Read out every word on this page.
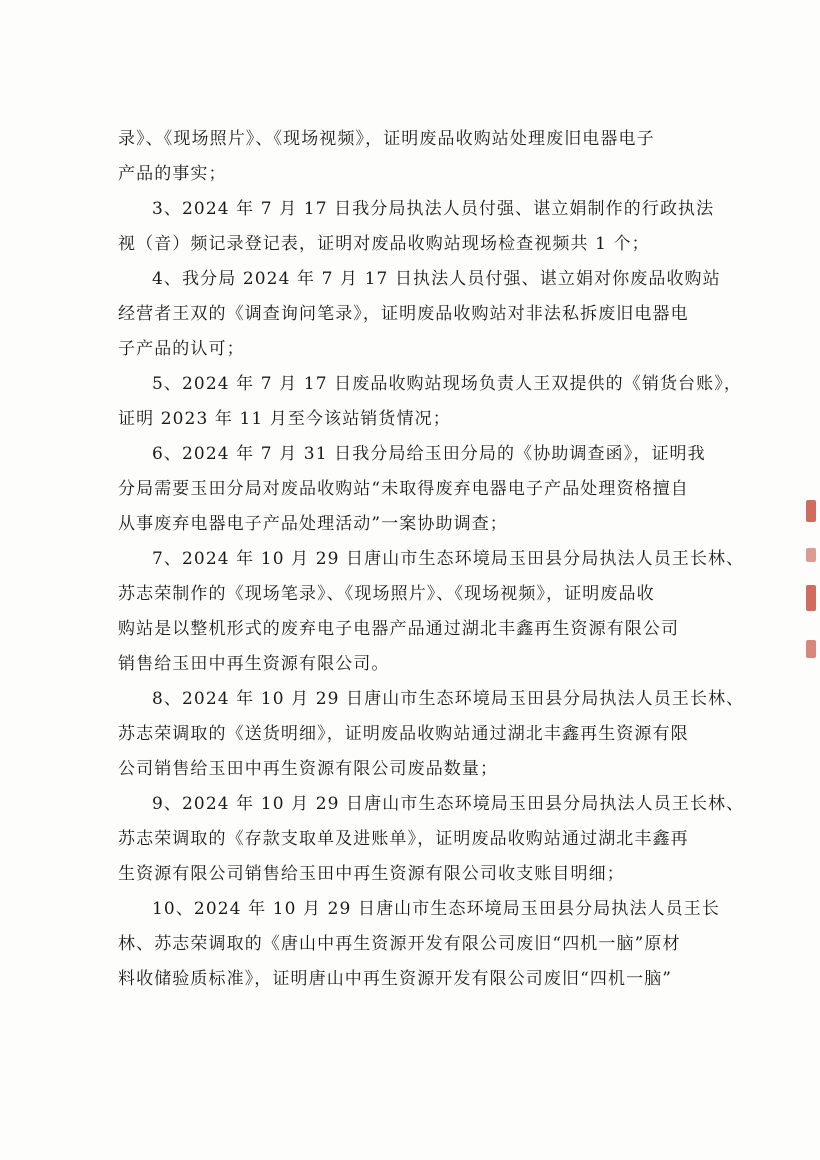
录》、《现场照片》、《现场视频》，证明废品收购站处理废旧电器电子
产品的事实；
3、2024 年 7 月 17 日我分局执法人员付强、谌立娟制作的行政执法
视（音）频记录登记表，证明对废品收购站现场检查视频共 1 个；
4、我分局 2024 年 7 月 17 日执法人员付强、谌立娟对你废品收购站
经营者王双的《调查询问笔录》，证明废品收购站对非法私拆废旧电器电
子产品的认可；
5、2024 年 7 月 17 日废品收购站现场负责人王双提供的《销货台账》，
证明 2023 年 11 月至今该站销货情况；
6、2024 年 7 月 31 日我分局给玉田分局的《协助调查函》，证明我
分局需要玉田分局对废品收购站“未取得废弃电器电子产品处理资格擅自
从事废弃电器电子产品处理活动”一案协助调查；
7、2024 年 10 月 29 日唐山市生态环境局玉田县分局执法人员王长林、
苏志荣制作的《现场笔录》、《现场照片》、《现场视频》，证明废品收
购站是以整机形式的废弃电子电器产品通过湖北丰鑫再生资源有限公司
销售给玉田中再生资源有限公司。
8、2024 年 10 月 29 日唐山市生态环境局玉田县分局执法人员王长林、
苏志荣调取的《送货明细》，证明废品收购站通过湖北丰鑫再生资源有限
公司销售给玉田中再生资源有限公司废品数量；
9、2024 年 10 月 29 日唐山市生态环境局玉田县分局执法人员王长林、
苏志荣调取的《存款支取单及进账单》，证明废品收购站通过湖北丰鑫再
生资源有限公司销售给玉田中再生资源有限公司收支账目明细；
10、2024 年 10 月 29 日唐山市生态环境局玉田县分局执法人员王长
林、苏志荣调取的《唐山中再生资源开发有限公司废旧“四机一脑”原材
料收储验质标准》，证明唐山中再生资源开发有限公司废旧“四机一脑”
